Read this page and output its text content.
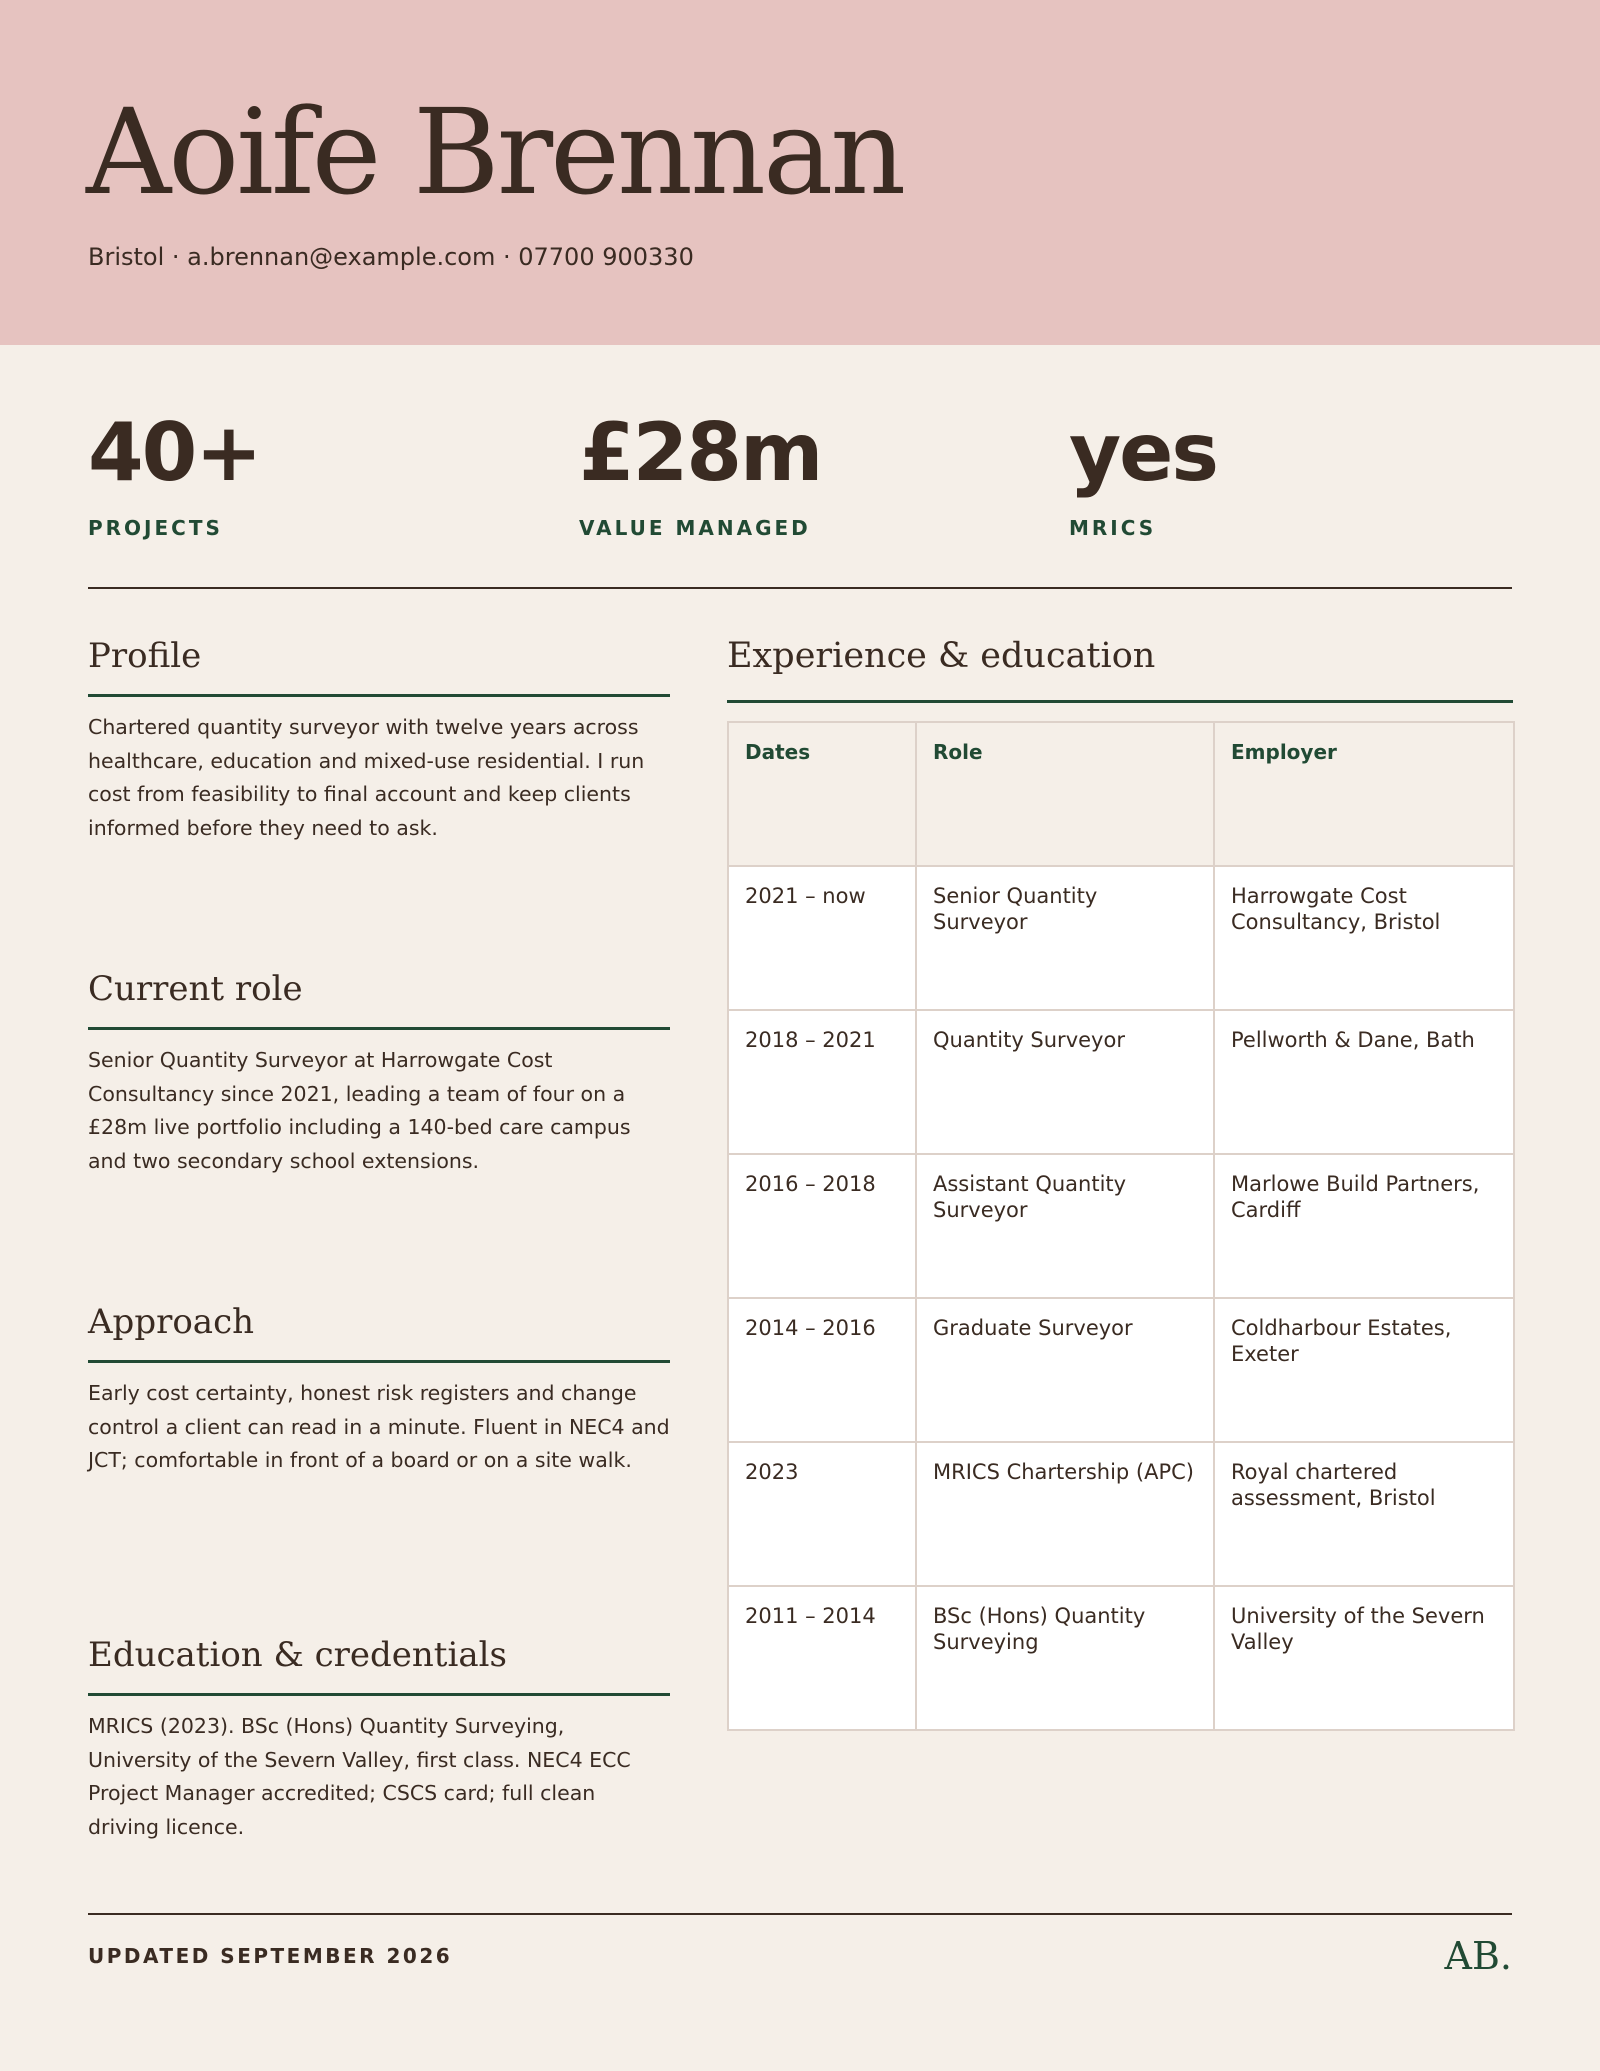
Aoife Brennan
Bristol · a.brennan@example.com · 07700 900330
40+
PROJECTS
£28m
VALUE MANAGED
yes
MRICS
Profile
Chartered quantity surveyor with twelve years across healthcare, education and mixed-use residential. I run cost from feasibility to final account and keep clients informed before they need to ask.
Current role
Senior Quantity Surveyor at Harrowgate Cost Consultancy since 2021, leading a team of four on a £28m live portfolio including a 140-bed care campus and two secondary school extensions.
Approach
Early cost certainty, honest risk registers and change control a client can read in a minute. Fluent in NEC4 and JCT; comfortable in front of a board or on a site walk.
Education & credentials
MRICS (2023). BSc (Hons) Quantity Surveying, University of the Severn Valley, first class. NEC4 ECC Project Manager accredited; CSCS card; full clean driving licence.
Experience & education
Dates	Role	Employer
2021 – now	Senior Quantity Surveyor	Harrowgate Cost Consultancy, Bristol
2018 – 2021	Quantity Surveyor	Pellworth & Dane, Bath
2016 – 2018	Assistant Quantity Surveyor	Marlowe Build Partners, Cardiff
2014 – 2016	Graduate Surveyor	Coldharbour Estates, Exeter
2023	MRICS Chartership (APC)	Royal chartered assessment, Bristol
2011 – 2014	BSc (Hons) Quantity Surveying	University of the Severn Valley
UPDATED SEPTEMBER 2026	AB.
